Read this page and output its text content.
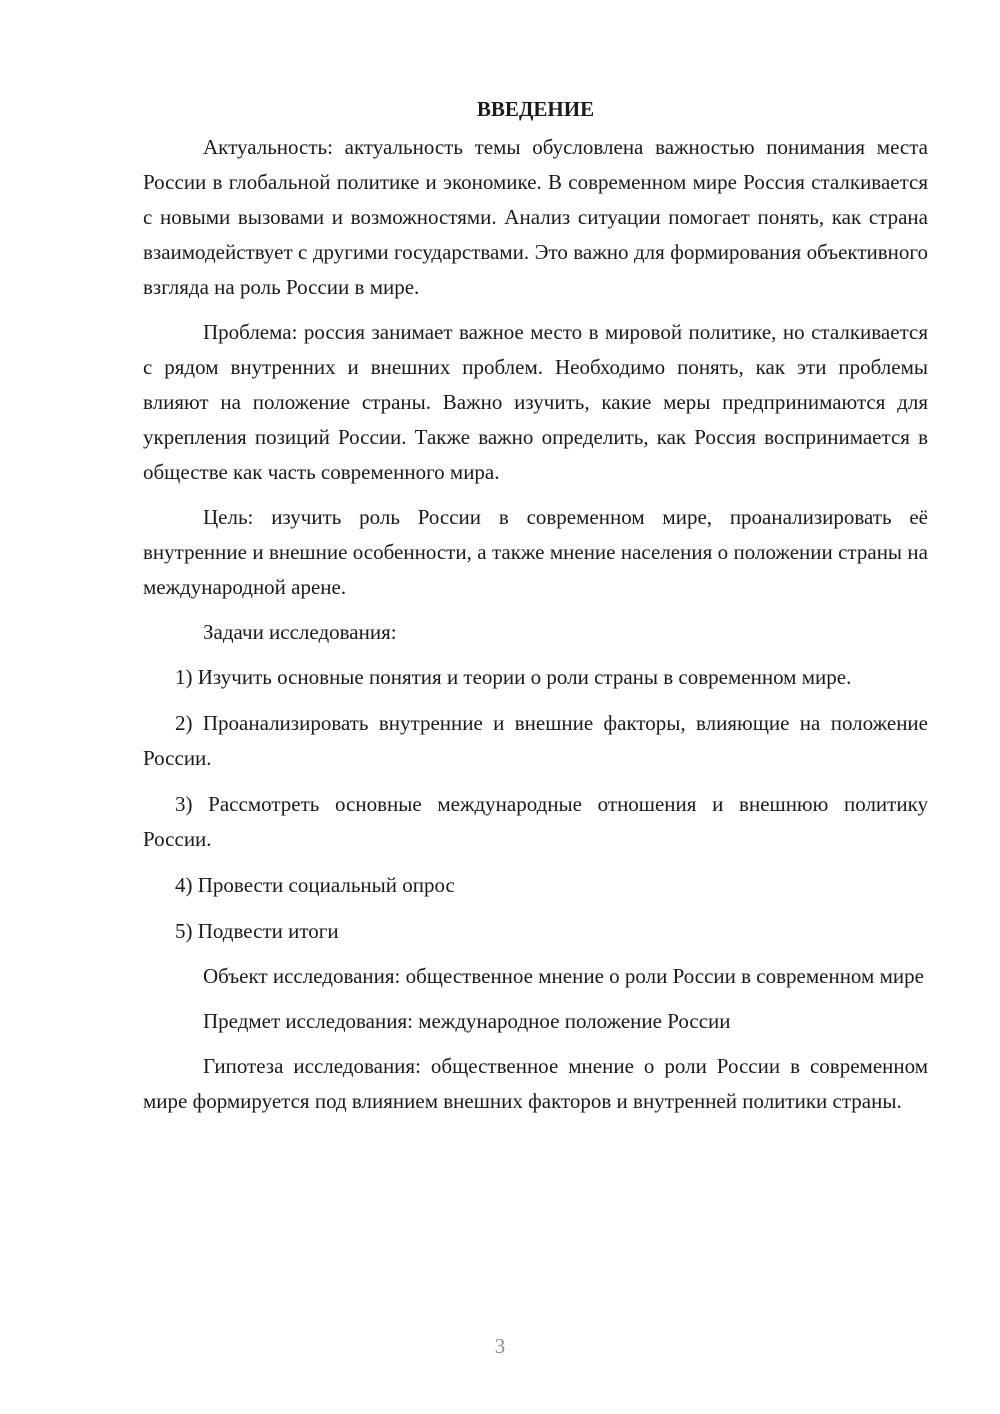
ВВЕДЕНИЕ

Актуальность: актуальность темы обусловлена важностью понимания места России в глобальной политике и экономике. В современном мире Россия сталкивается с новыми вызовами и возможностями. Анализ ситуации помогает понять, как страна взаимодействует с другими государствами. Это важно для формирования объективного взгляда на роль России в мире.

Проблема: россия занимает важное место в мировой политике, но сталкивается с рядом внутренних и внешних проблем. Необходимо понять, как эти проблемы влияют на положение страны. Важно изучить, какие меры предпринимаются для укрепления позиций России. Также важно определить, как Россия воспринимается в обществе как часть современного мира.

Цель: изучить роль России в современном мире, проанализировать её внутренние и внешние особенности, а также мнение населения о положении страны на международной арене.

Задачи исследования:

1) Изучить основные понятия и теории о роли страны в современном мире.

2) Проанализировать внутренние и внешние факторы, влияющие на положение России.

3) Рассмотреть основные международные отношения и внешнюю политику России.

4) Провести социальный опрос

5) Подвести итоги

Объект исследования: общественное мнение о роли России в современном мире

Предмет исследования: международное положение России

Гипотеза исследования: общественное мнение о роли России в современном мире формируется под влиянием внешних факторов и внутренней политики страны.

3
